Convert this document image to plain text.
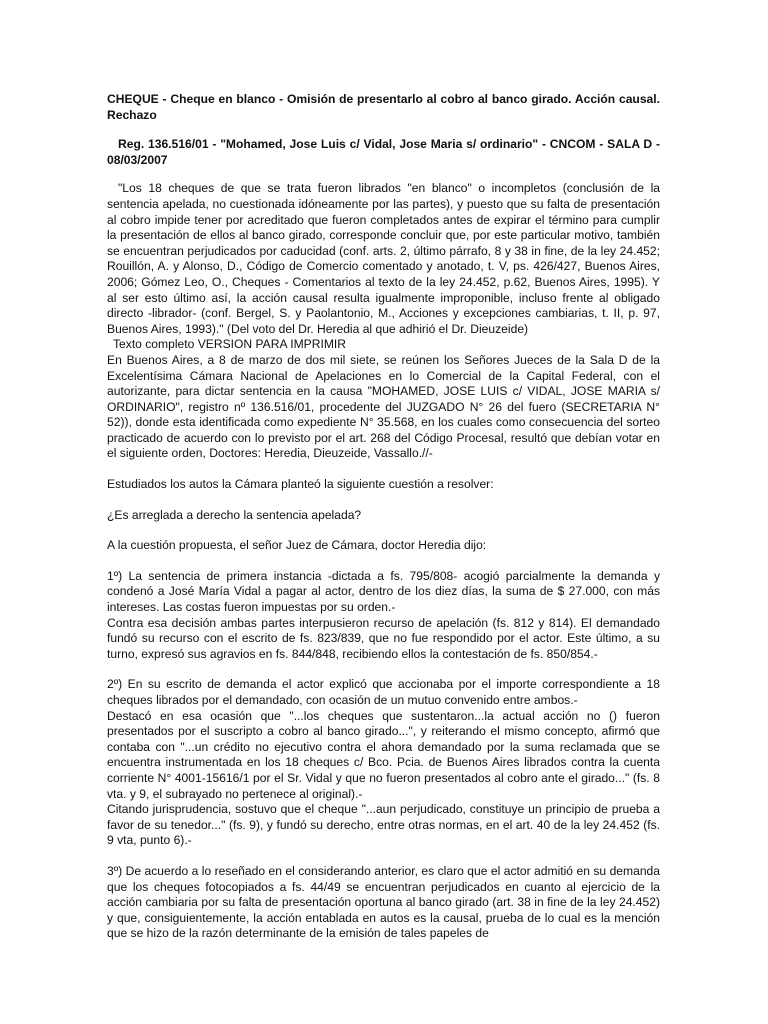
CHEQUE - Cheque en blanco - Omisión de presentarlo al cobro al banco girado. Acción causal. Rechazo

Reg. 136.516/01 - "Mohamed, Jose Luis c/ Vidal, Jose Maria s/ ordinario" - CNCOM - SALA D - 08/03/2007

"Los 18 cheques de que se trata fueron librados "en blanco" o incompletos (conclusión de la sentencia apelada, no cuestionada idóneamente por las partes), y puesto que su falta de presentación al cobro impide tener por acreditado que fueron completados antes de expirar el término para cumplir la presentación de ellos al banco girado, corresponde concluir que, por este particular motivo, también se encuentran perjudicados por caducidad (conf. arts. 2, último párrafo, 8 y 38 in fine, de la ley 24.452; Rouillón, A. y Alonso, D., Código de Comercio comentado y anotado, t. V, ps. 426/427, Buenos Aires, 2006; Gómez Leo, O., Cheques - Comentarios al texto de la ley 24.452, p.62, Buenos Aires, 1995). Y al ser esto último así, la acción causal resulta igualmente improponible, incluso frente al obligado directo -librador- (conf. Bergel, S. y Paolantonio, M., Acciones y excepciones cambiarias, t. II, p. 97, Buenos Aires, 1993)." (Del voto del Dr. Heredia al que adhirió el Dr. Dieuzeide)

Texto completo VERSION PARA IMPRIMIR

En Buenos Aires, a 8 de marzo de dos mil siete, se reúnen los Señores Jueces de la Sala D de la Excelentísima Cámara Nacional de Apelaciones en lo Comercial de la Capital Federal, con el autorizante, para dictar sentencia en la causa "MOHAMED, JOSE LUIS c/ VIDAL, JOSE MARIA s/ ORDINARIO", registro nº 136.516/01, procedente del JUZGADO N° 26 del fuero (SECRETARIA N° 52)), donde esta identificada como expediente N° 35.568, en los cuales como consecuencia del sorteo practicado de acuerdo con lo previsto por el art. 268 del Código Procesal, resultó que debían votar en el siguiente orden, Doctores: Heredia, Dieuzeide, Vassallo.//-

Estudiados los autos la Cámara planteó la siguiente cuestión a resolver:

¿Es arreglada a derecho la sentencia apelada?

A la cuestión propuesta, el señor Juez de Cámara, doctor Heredia dijo:

1º) La sentencia de primera instancia -dictada a fs. 795/808- acogió parcialmente la demanda y condenó a José María Vidal a pagar al actor, dentro de los diez días, la suma de $ 27.000, con más intereses. Las costas fueron impuestas por su orden.-

Contra esa decisión ambas partes interpusieron recurso de apelación (fs. 812 y 814). El demandado fundó su recurso con el escrito de fs. 823/839, que no fue respondido por el actor. Este último, a su turno, expresó sus agravios en fs. 844/848, recibiendo ellos la contestación de fs. 850/854.-

2º) En su escrito de demanda el actor explicó que accionaba por el importe correspondiente a 18 cheques librados por el demandado, con ocasión de un mutuo convenido entre ambos.-

Destacó en esa ocasión que "...los cheques que sustentaron...la actual acción no () fueron presentados por el suscripto a cobro al banco girado...", y reiterando el mismo concepto, afirmó que contaba con "...un crédito no ejecutivo contra el ahora demandado por la suma reclamada que se encuentra instrumentada en los 18 cheques c/ Bco. Pcia. de Buenos Aires librados contra la cuenta corriente N° 4001-15616/1 por el Sr. Vidal y que no fueron presentados al cobro ante el girado..." (fs. 8 vta. y 9, el subrayado no pertenece al original).-

Citando jurisprudencia, sostuvo que el cheque "...aun perjudicado, constituye un principio de prueba a favor de su tenedor..." (fs. 9), y fundó su derecho, entre otras normas, en el art. 40 de la ley 24.452 (fs. 9 vta, punto 6).-

3º) De acuerdo a lo reseñado en el considerando anterior, es claro que el actor admitió en su demanda que los cheques fotocopiados a fs. 44/49 se encuentran perjudicados en cuanto al ejercicio de la acción cambiaria por su falta de presentación oportuna al banco girado (art. 38 in fine de la ley 24.452) y que, consiguientemente, la acción entablada en autos es la causal, prueba de lo cual es la mención que se hizo de la razón determinante de la emisión de tales papeles de
